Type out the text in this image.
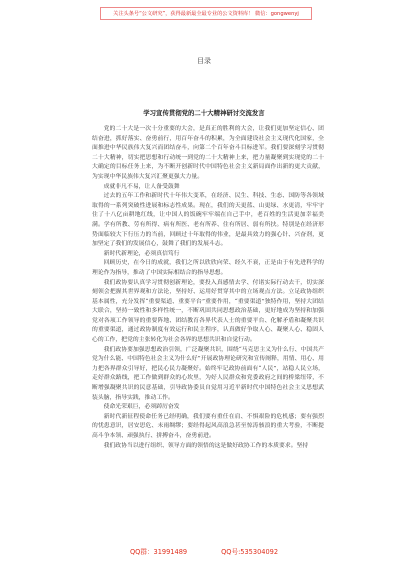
关注头条号“公文研究”，获得最新最全最专业的公文资料库！ 微信：gongwenyj
目录
学习宣传贯彻党的二十大精神研讨交流发言

党的二十大是一次十分重要的大会，是真正的胜利的大会，让我们更加坚定信心、团结奋进，抓好落实、奋勇前行，用百年奋斗的积累，为全面建设社会主义现代化国家，全面推进中华民族伟大复兴而团结奋斗，向第二个百年奋斗目标进军。我们要深刻学习贯彻二十大精神，切实把思想和行动统一到党的二十大精神上来，把力量凝聚到实现党的二十大确定的目标任务上来，为不断开创新时代中国特色社会主义新局面作出新的更大贡献，为实现中华民族伟大复兴汇聚更强大力量。

成就非凡不易，让人备受鼓舞

过去的五年工作和新时代十年伟大变革，在经济、民生、科技、生态、国防等各领域取得的一系列突破性进展和标志性成果。现在，我们的天更蓝、山更绿、水更清，牢牢守住了十八亿亩耕地红线，让中国人的饭碗牢牢端在自己手中，老百姓的生活更加幸福美满。学有所教、劳有所得、病有所医、老有所养、住有所居、弱有所扶。特别是在经济形势面临较大下行压力的当前，回顾过十年取得的伟业，是最具效力的强心针、兴奋剂，更加坚定了我们的发展信心，鼓舞了我们的发展斗志。

新时代新理论，必须真信笃行

回顾历史，在今日的成就，我们之所以欣欣向荣、经久不衰，正是由于有先进科学的理论作为指导，推动了中国实际相结合的指导思想。

我们政协要认真学习贯彻创新理论，要投入真感情去学、付诸实际行动去干，切实深刻领会把握其世界观和方法论，坚持好、运用好贯穿其中的立场观点方法。立足政协组织基本属性，充分发挥“重要渠道、重要平台”重要作用，“重要渠道”独特作用，坚持大团结大联合，坚持一致性和多样性统一，不断巩固共同思想政治基础，更好地成为坚持和加强党对各项工作领导的重要阵地、团结教育各界代表人士的重要平台、化解矛盾和凝聚共识的重要渠道，通过政协制度有效运行和民主程序，认真做好争取人心、凝聚人心、稳固人心的工作，把党的主张转化为社会各界的思想共识和自觉行动。

我们政协要加强思想政治引领，广泛凝聚共识，围绕“马克思主义为什么行、中国共产党为什么能、中国特色社会主义为什么好”开展政协理论研究和宣传阐释，用情、用心、用力把各界群众引导好，把民心民力凝聚好。始终牢记政协前面有“人民”，站稳人民立场，走好群众路线，把工作做到群众的心坎里，为好人民群众和党委政府之间的桥梁纽带，不断增强凝聚共识的民意基础，引导政协委员自觉用习近平新时代中国特色社会主义思想武装头脑，指导实践，推动工作。

使命光荣艰巨，必须踔厉奋发

新时代新征程使命任务已经明确，我们要有重任在肩、不惧艰险的危机感；要有强烈的忧患意识，居安思危、未雨绸缪；要经得起风高浪急甚至惊涛骇浪的重大考验，不断提高斗争本领、顽强执行、拼搏奋斗，奋勇前进。

我们政协当以进行组织、领导方面的领悟的这是做好政协工作的本质要求。坚持

QQ群：31991489	QQ号:535304092
